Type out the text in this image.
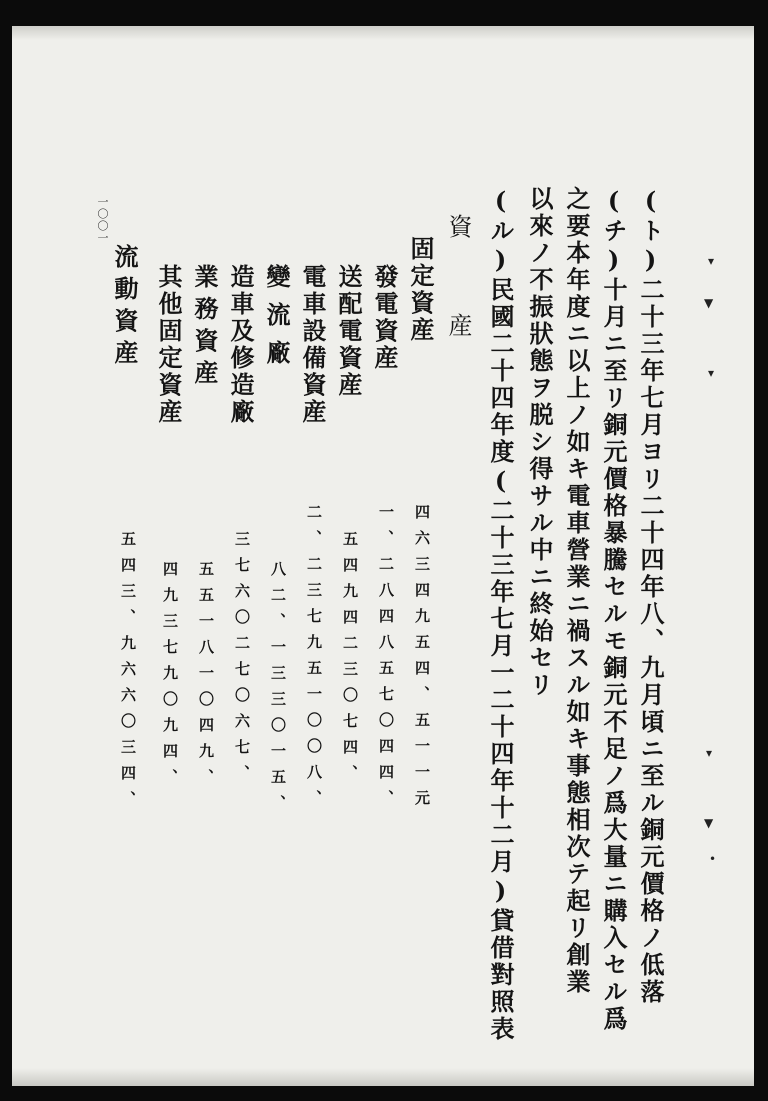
一〇〇一	(ト)二十三年七月ヨリ二十四年八、九月頃ニ至ル銅元價格ノ低落
(チ)十月ニ至リ銅元價格暴騰セルモ銅元不足ノ爲大量ニ購入セル爲
之要本年度ニ以上ノ如キ電車營業ニ禍スル如キ事態相次テ起リ創業
以來ノ不振狀態ヲ脱シ得サル中ニ終始セリ
(ル)民國二十四年度(二十三年七月一二十四年十二月)貸借對照表
資　　産
固定資産
四六三四九五四、五一一元
發電資産
一、二八四八五七〇四四、
送配電資産
五四九四二三〇七四、
電車設備資産
二、二三七九五一〇〇八、
變流廠
八二、一三三〇一五、
造車及修造廠
三七六〇二七〇六七、
業務資産
五五一八一〇四九、
其他固定資産
四九三七九〇九四、
流動資産
五四三、九六六〇三四、
▾
▼
▾
▾
▼
•
